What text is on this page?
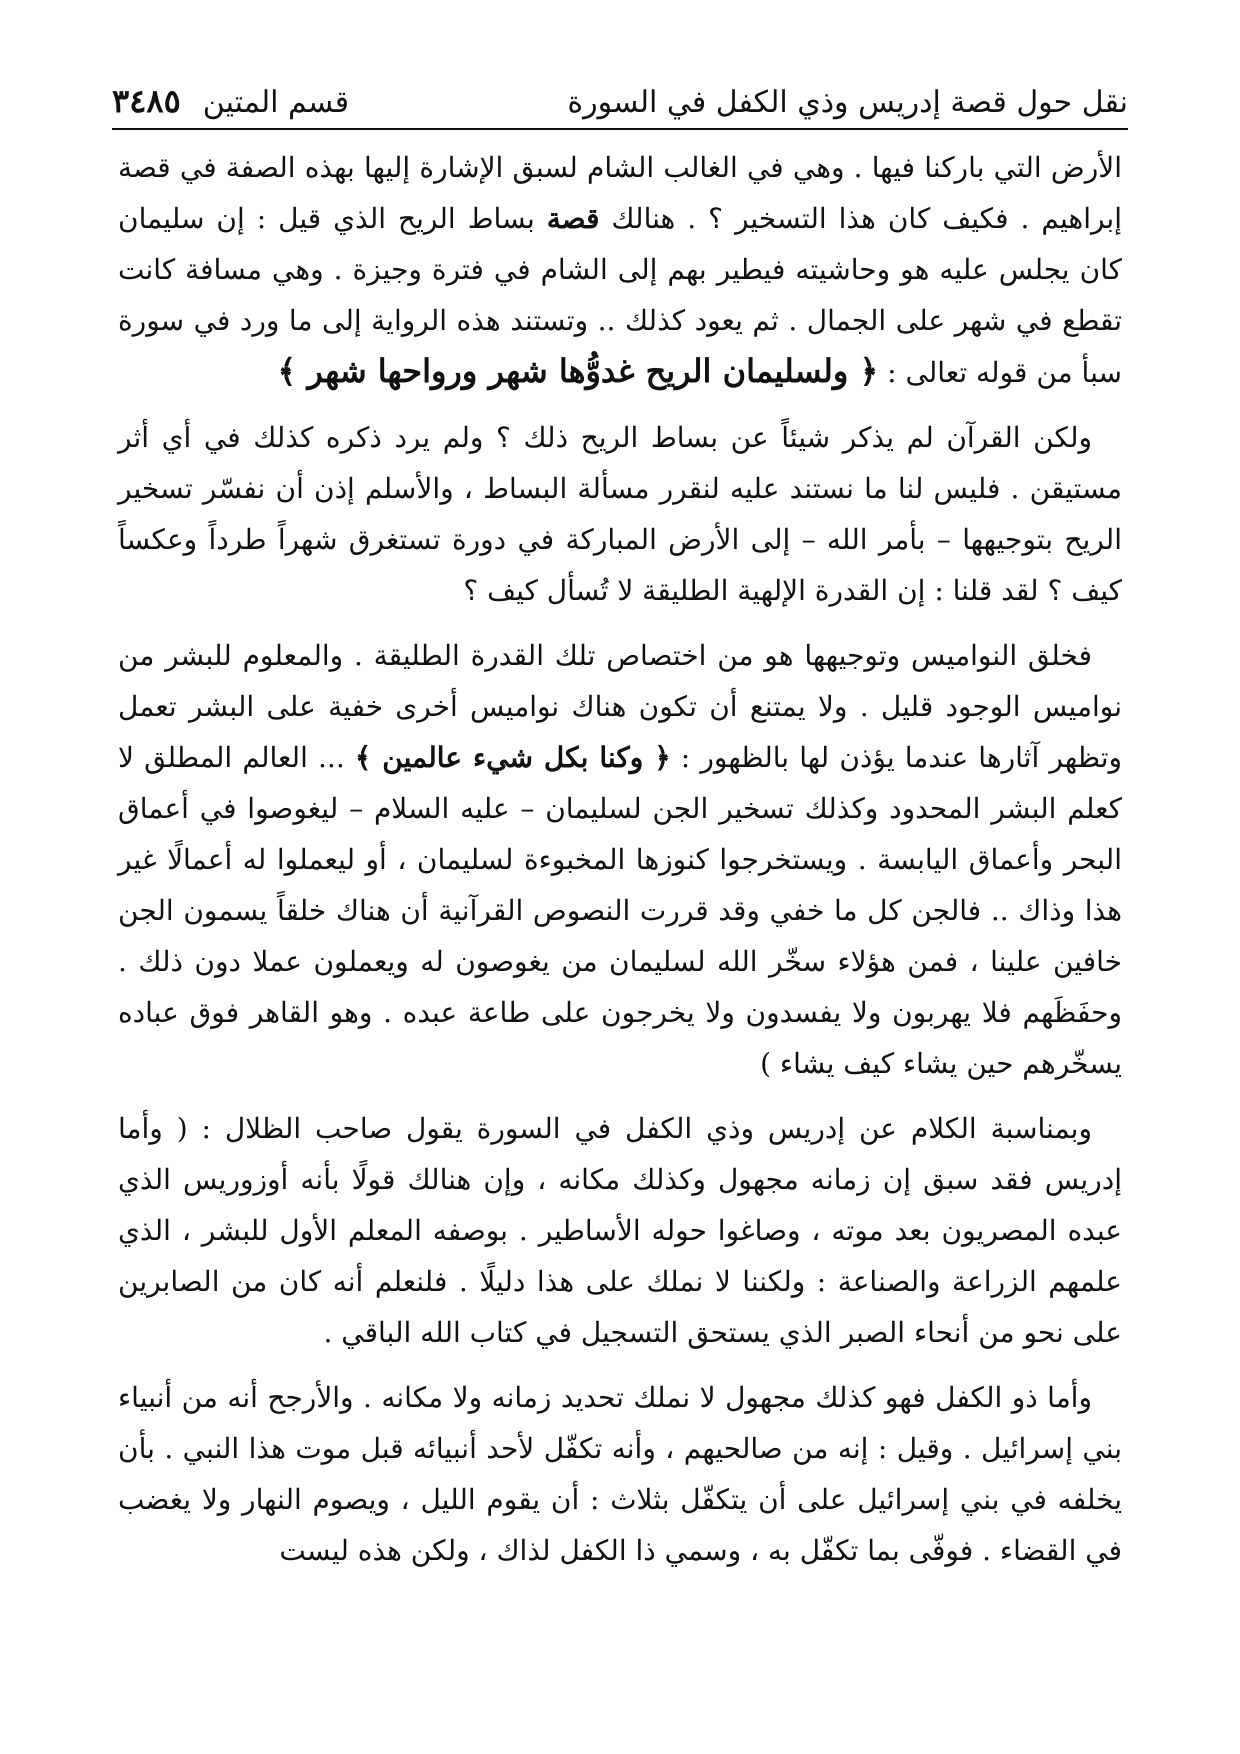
نقل حول قصة إدريس وذي الكفل في السورة
قسم المتين
٣٤٨٥

الأرض التي باركنا فيها . وهي في الغالب الشام لسبق الإشارة إليها بهذه الصفة في قصة إبراهيم . فكيف كان هذا التسخير ؟ . هنالك قصة بساط الريح الذي قيل : إن سليمان كان يجلس عليه هو وحاشيته فيطير بهم إلى الشام في فترة وجيزة . وهي مسافة كانت تقطع في شهر على الجمال . ثم يعود كذلك .. وتستند هذه الرواية إلى ما ورد في سورة سبأ من قوله تعالى : ﴿ ولسليمان الريح غدوُّها شهر ورواحها شهر ﴾

ولكن القرآن لم يذكر شيئاً عن بساط الريح ذلك ؟ ولم يرد ذكره كذلك في أي أثر مستيقن . فليس لنا ما نستند عليه لنقرر مسألة البساط ، والأسلم إذن أن نفسّر تسخير الريح بتوجيهها – بأمر الله – إلى الأرض المباركة في دورة تستغرق شهراً طرداً وعكساً كيف ؟ لقد قلنا : إن القدرة الإلهية الطليقة لا تُسأل كيف ؟

فخلق النواميس وتوجيهها هو من اختصاص تلك القدرة الطليقة . والمعلوم للبشر من نواميس الوجود قليل . ولا يمتنع أن تكون هناك نواميس أخرى خفية على البشر تعمل وتظهر آثارها عندما يؤذن لها بالظهور : ﴿ وكنا بكل شيء عالمين ﴾ ... العالم المطلق لا كعلم البشر المحدود وكذلك تسخير الجن لسليمان – عليه السلام – ليغوصوا في أعماق البحر وأعماق اليابسة . ويستخرجوا كنوزها المخبوءة لسليمان ، أو ليعملوا له أعمالًا غير هذا وذاك .. فالجن كل ما خفي وقد قررت النصوص القرآنية أن هناك خلقاً يسمون الجن خافين علينا ، فمن هؤلاء سخّر الله لسليمان من يغوصون له ويعملون عملا دون ذلك . وحفَظَهم فلا يهربون ولا يفسدون ولا يخرجون على طاعة عبده . وهو القاهر فوق عباده يسخّرهم حين يشاء كيف يشاء )

وبمناسبة الكلام عن إدريس وذي الكفل في السورة يقول صاحب الظلال : ( وأما إدريس فقد سبق إن زمانه مجهول وكذلك مكانه ، وإن هنالك قولًا بأنه أوزوريس الذي عبده المصريون بعد موته ، وصاغوا حوله الأساطير . بوصفه المعلم الأول للبشر ، الذي علمهم الزراعة والصناعة : ولكننا لا نملك على هذا دليلًا . فلنعلم أنه كان من الصابرين على نحو من أنحاء الصبر الذي يستحق التسجيل في كتاب الله الباقي .

وأما ذو الكفل فهو كذلك مجهول لا نملك تحديد زمانه ولا مكانه . والأرجح أنه من أنبياء بني إسرائيل . وقيل : إنه من صالحيهم ، وأنه تكفّل لأحد أنبيائه قبل موت هذا النبي . بأن يخلفه في بني إسرائيل على أن يتكفّل بثلاث : أن يقوم الليل ، ويصوم النهار ولا يغضب في القضاء . فوفّى بما تكفّل به ، وسمي ذا الكفل لذاك ، ولكن هذه ليست
